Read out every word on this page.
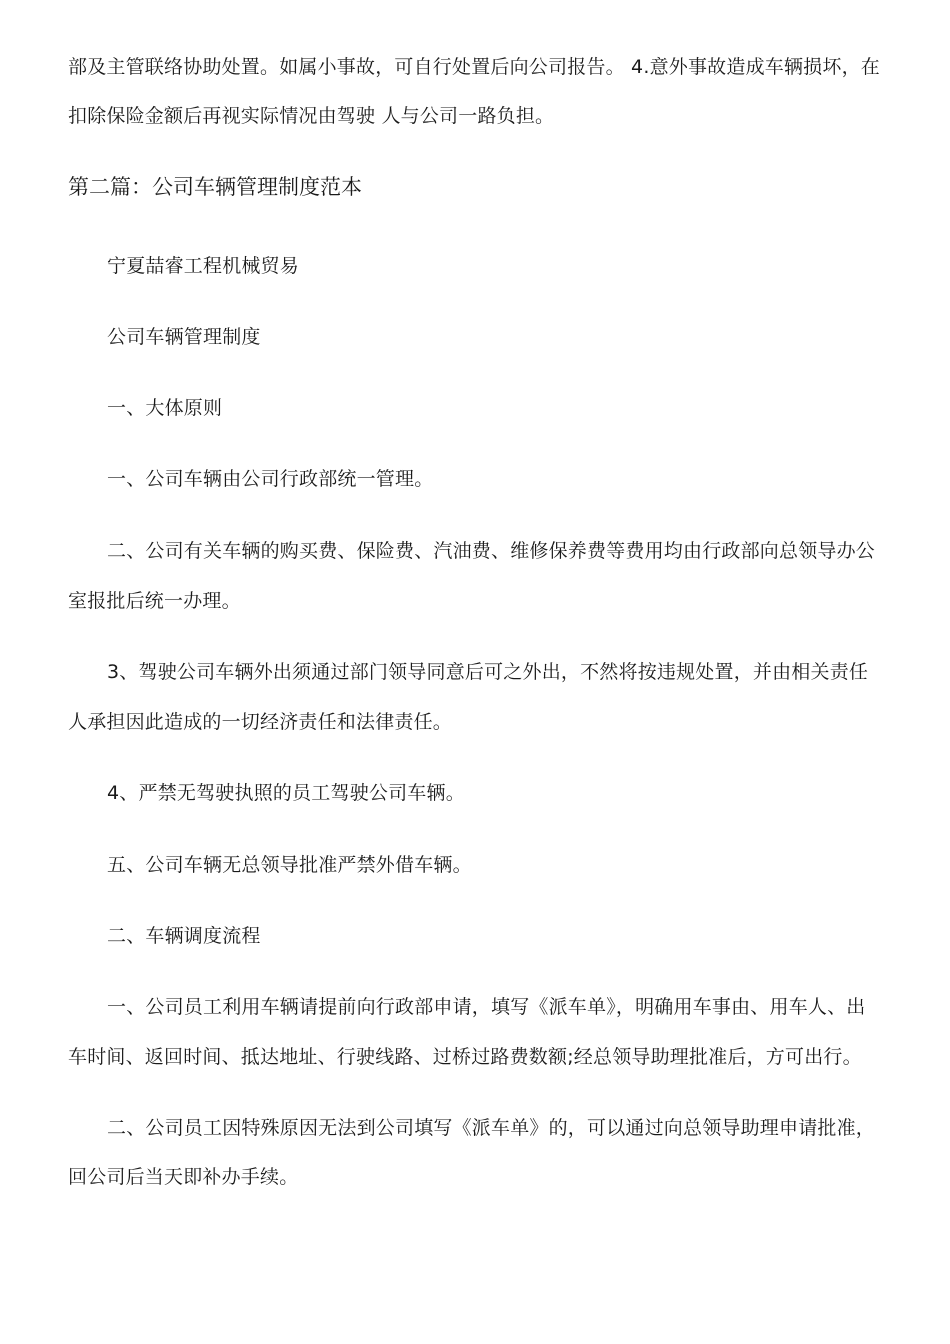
部及主管联络协助处置。如属小事故，可自行处置后向公司报告。 4.意外事故造成车辆损坏，在
扣除保险金额后再视实际情况由驾驶 人与公司一路负担。
第二篇：公司车辆管理制度范本
宁夏喆睿工程机械贸易
公司车辆管理制度
一、大体原则
一、公司车辆由公司行政部统一管理。
二、公司有关车辆的购买费、保险费、汽油费、维修保养费等费用均由行政部向总领导办公
室报批后统一办理。
3、驾驶公司车辆外出须通过部门领导同意后可之外出，不然将按违规处置，并由相关责任
人承担因此造成的一切经济责任和法律责任。
4、严禁无驾驶执照的员工驾驶公司车辆。
五、公司车辆无总领导批准严禁外借车辆。
二、车辆调度流程
一、公司员工利用车辆请提前向行政部申请，填写《派车单》，明确用车事由、用车人、出
车时间、返回时间、抵达地址、行驶线路、过桥过路费数额;经总领导助理批准后，方可出行。
二、公司员工因特殊原因无法到公司填写《派车单》的，可以通过向总领导助理申请批准，
回公司后当天即补办手续。
